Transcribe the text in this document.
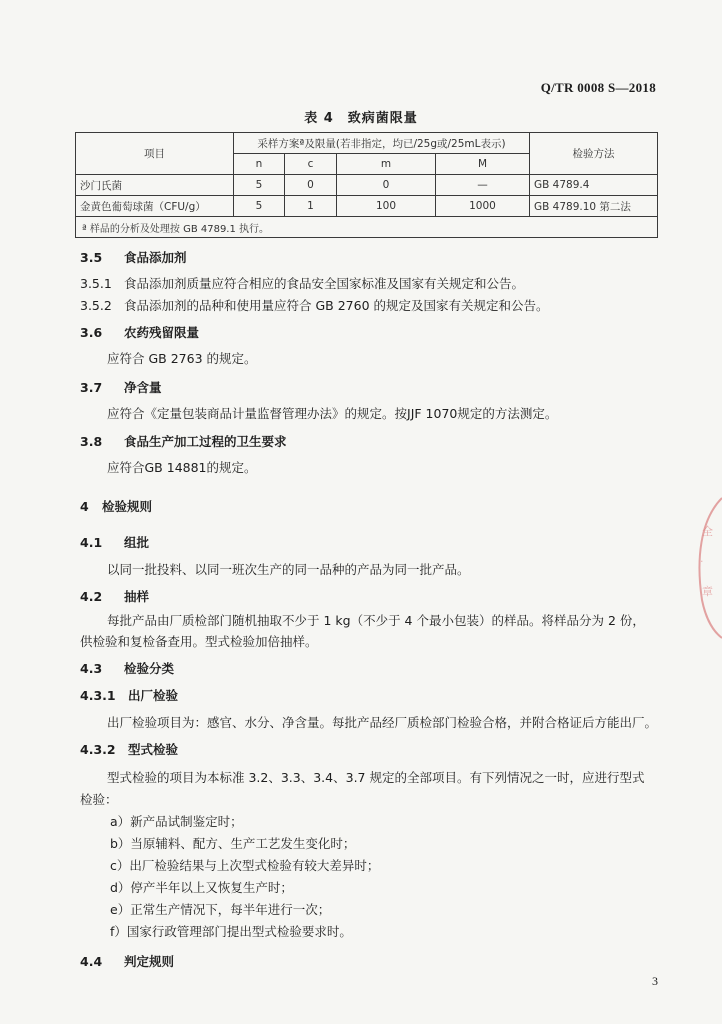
Q/TR 0008 S—2018
表 4　致病菌限量
项目	采样方案ª及限量(若非指定，均已/25g或/25mL表示)				检验方法
	n	c	m	M	
沙门氏菌	5	0	0	—	GB 4789.4
金黄色葡萄球菌（CFU/g）	5	1	100	1000	GB 4789.10 第二法
ª 样品的分析及处理按 GB 4789.1 执行。					
3.5 食品添加剂
3.5.1 食品添加剂质量应符合相应的食品安全国家标准及国家有关规定和公告。
3.5.2 食品添加剂的品种和使用量应符合 GB 2760 的规定及国家有关规定和公告。
3.6 农药残留限量
应符合 GB 2763 的规定。
3.7 净含量
应符合《定量包装商品计量监督管理办法》的规定。按JJF 1070规定的方法测定。
3.8 食品生产加工过程的卫生要求
应符合GB 14881的规定。
4 检验规则
4.1 组批
以同一批投料、以同一班次生产的同一品种的产品为同一批产品。
4.2 抽样
每批产品由厂质检部门随机抽取不少于 1 kg（不少于 4 个最小包装）的样品。将样品分为 2 份，
供检验和复检备查用。型式检验加倍抽样。
4.3 检验分类
4.3.1 出厂检验
出厂检验项目为：感官、水分、净含量。每批产品经厂质检部门检验合格，并附合格证后方能出厂。
4.3.2 型式检验
型式检验的项目为本标准 3.2、3.3、3.4、3.7 规定的全部项目。有下列情况之一时，应进行型式
检验：
a）新产品试制鉴定时；
b）当原辅料、配方、生产工艺发生变化时；
c）出厂检验结果与上次型式检验有较大差异时；
d）停产半年以上又恢复生产时；
e）正常生产情况下，每半年进行一次；
f）国家行政管理部门提出型式检验要求时。
4.4 判定规则
3
全
·
章
